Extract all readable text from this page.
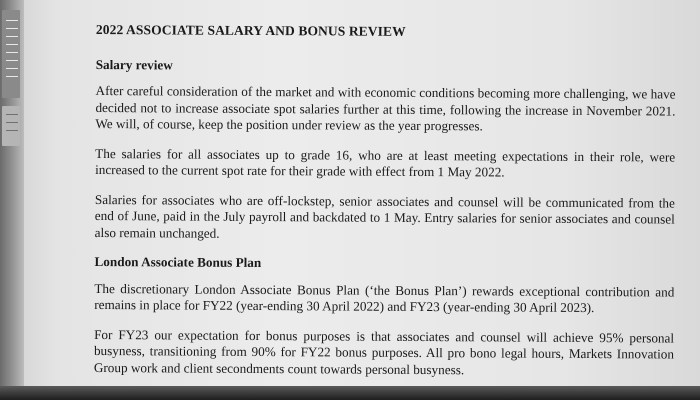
2022 ASSOCIATE SALARY AND BONUS REVIEW
Salary review

After careful consideration of the market and with economic conditions becoming more challenging, we have decided not to increase associate spot salaries further at this time, following the increase in November 2021. We will, of course, keep the position under review as the year progresses.

The salaries for all associates up to grade 16, who are at least meeting expectations in their role, were increased to the current spot rate for their grade with effect from 1 May 2022.

Salaries for associates who are off-lockstep, senior associates and counsel will be communicated from the end of June, paid in the July payroll and backdated to 1 May. Entry salaries for senior associates and counsel also remain unchanged.

London Associate Bonus Plan

The discretionary London Associate Bonus Plan (‘the Bonus Plan’) rewards exceptional contribution and remains in place for FY22 (year-ending 30 April 2022) and FY23 (year-ending 30 April 2023).

For FY23 our expectation for bonus purposes is that associates and counsel will achieve 95% personal busyness, transitioning from 90% for FY22 bonus purposes. All pro bono legal hours, Markets Innovation Group work and client secondments count towards personal busyness.
